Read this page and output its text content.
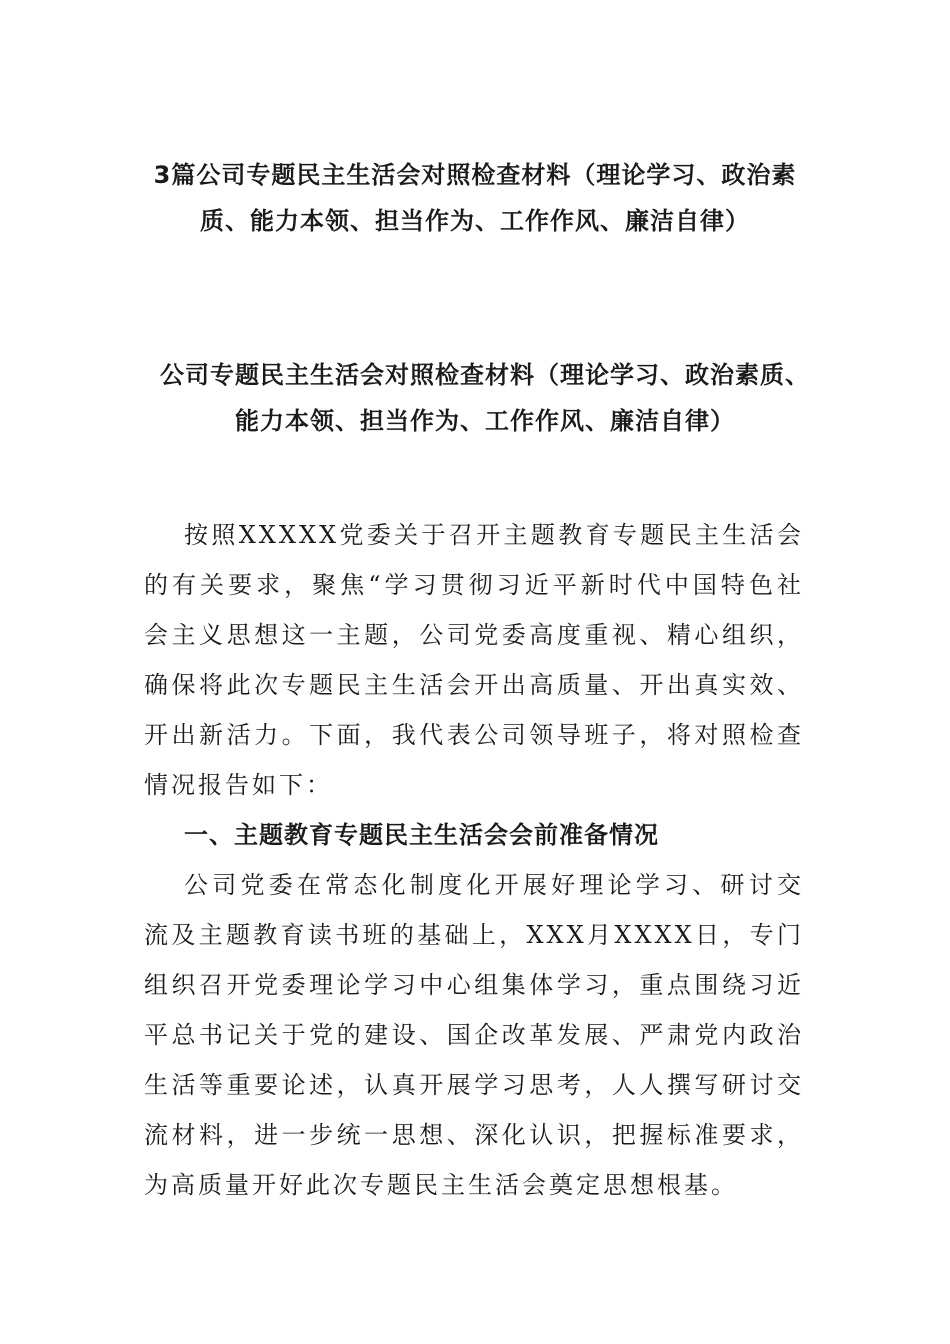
3篇公司专题民主生活会对照检查材料（理论学习、政治素质、能力本领、担当作为、工作作风、廉洁自律）
公司专题民主生活会对照检查材料（理论学习、政治素质、能力本领、担当作为、工作作风、廉洁自律）

按照XXXXX党委关于召开主题教育专题民主生活会的有关要求，聚焦“学习贯彻习近平新时代中国特色社会主义思想这一主题，公司党委高度重视、精心组织，确保将此次专题民主生活会开出高质量、开出真实效、开出新活力。下面，我代表公司领导班子，将对照检查情况报告如下：

一、主题教育专题民主生活会会前准备情况

公司党委在常态化制度化开展好理论学习、研讨交流及主题教育读书班的基础上，XXX月XXXX日，专门组织召开党委理论学习中心组集体学习，重点围绕习近平总书记关于党的建设、国企改革发展、严肃党内政治生活等重要论述，认真开展学习思考，人人撰写研讨交流材料，进一步统一思想、深化认识，把握标准要求，为高质量开好此次专题民主生活会奠定思想根基。
